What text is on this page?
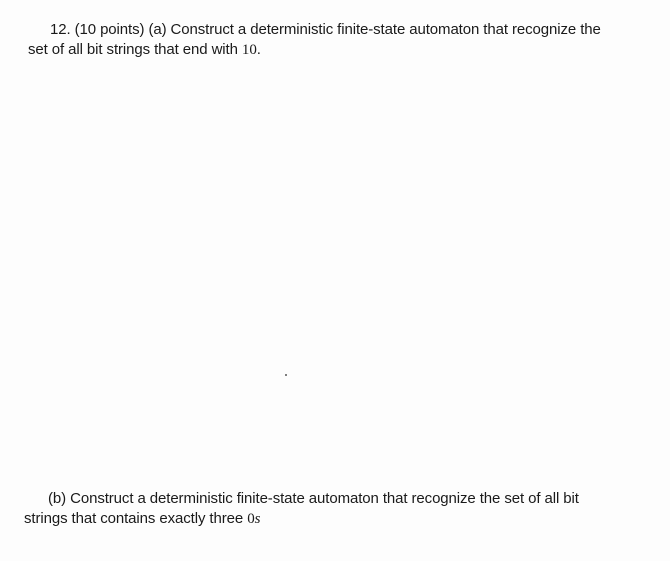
12. (10 points) (a) Construct a deterministic finite-state automaton that recognize the
set of all bit strings that end with 10.
(b) Construct a deterministic finite-state automaton that recognize the set of all bit
strings that contains exactly three 0s
